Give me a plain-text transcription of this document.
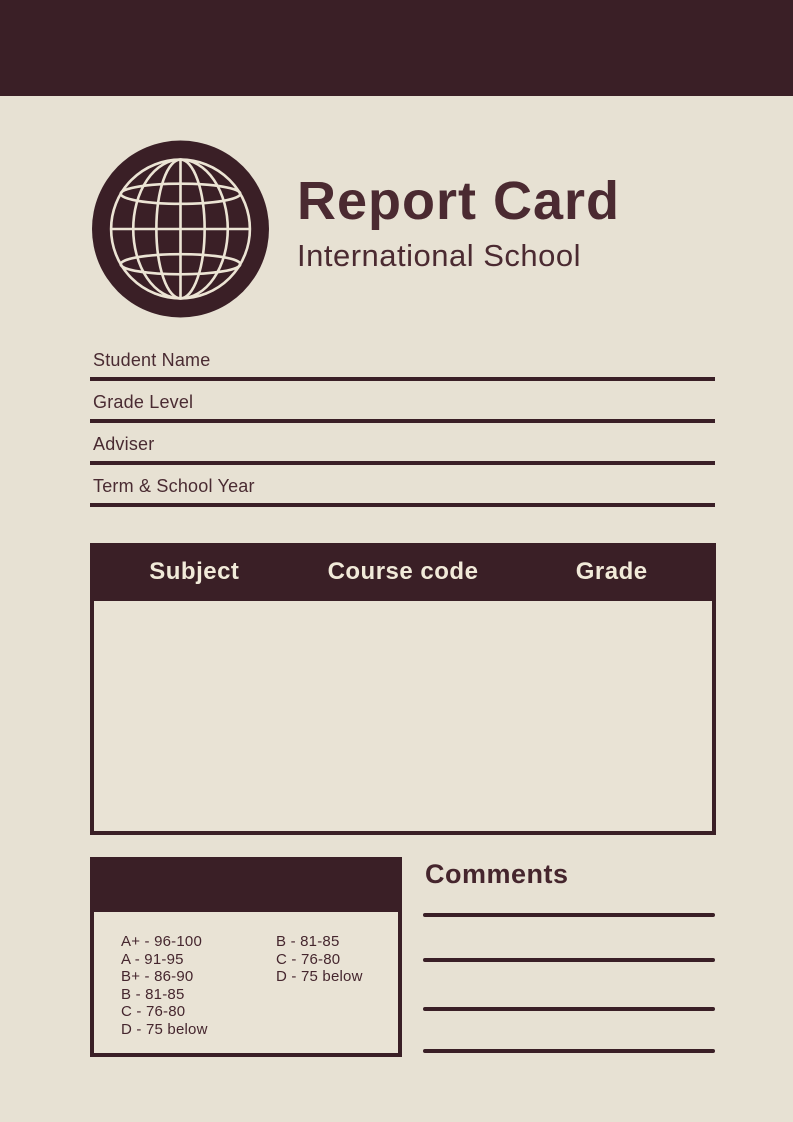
Report Card
International School
Student Name
Grade Level
Adviser
Term & School Year
Subject	Course code	Grade
A+ - 96-100
A - 91-95
B+ - 86-90
B - 81-85
C - 76-80
D - 75 below
B - 81-85
C - 76-80
D - 75 below
Comments
